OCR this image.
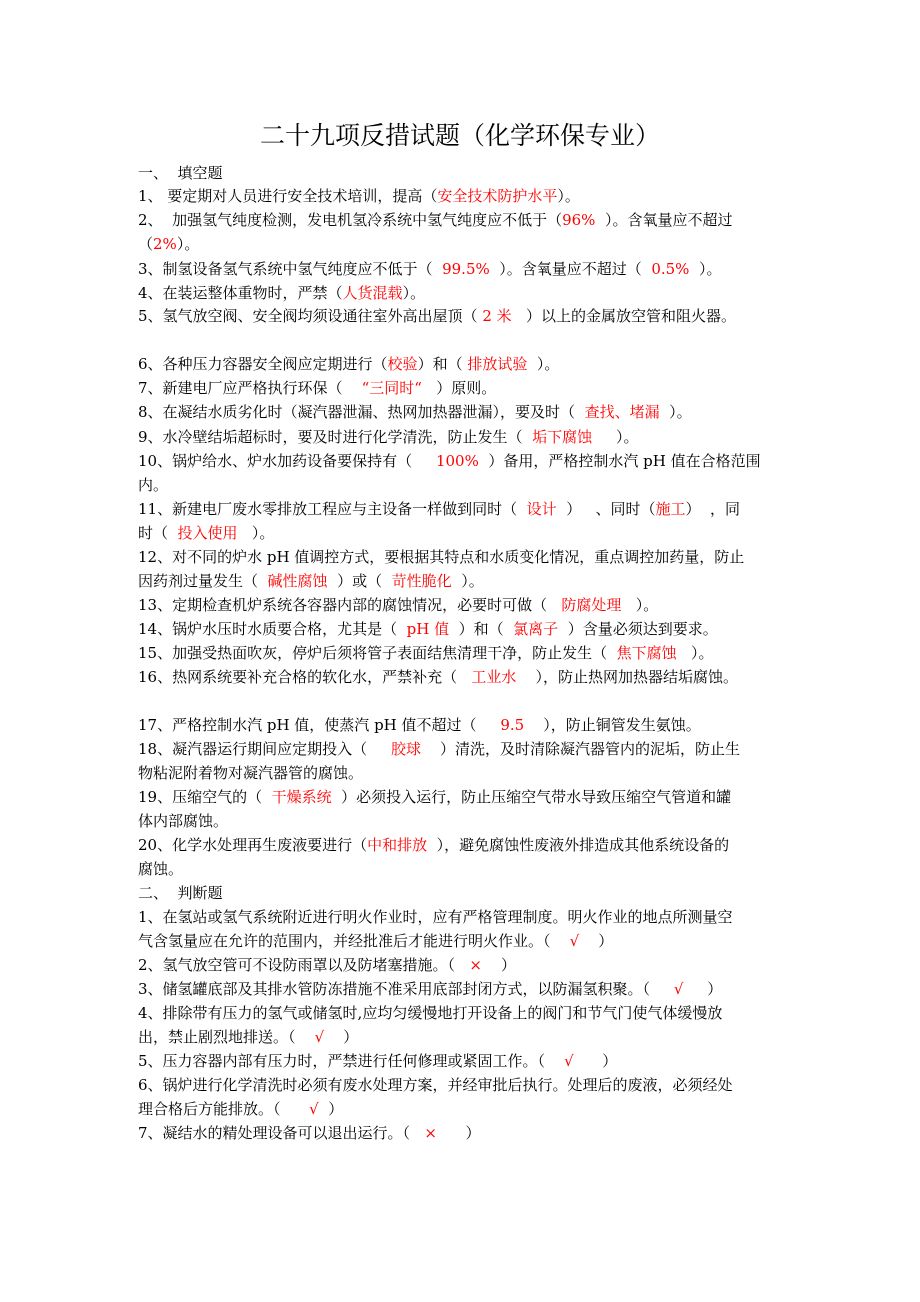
二十九项反措试题（化学环保专业）
一、  填空题
1、 要定期对人员进行安全技术培训，提高（安全技术防护水平）。
2、  加强氢气纯度检测，发电机氢冷系统中氢气纯度应不低于（96%  ）。含氧量应不超过
（2%）。
3、制氢设备氢气系统中氢气纯度应不低于（  99.5%  ）。含氧量应不超过（  0.5%  ）。
4、在装运整体重物时，严禁（人货混载）。
5、氢气放空阀、安全阀均须设通往室外高出屋顶（ 2 米   ）以上的金属放空管和阻火器。
6、各种压力容器安全阀应定期进行（校验）和（ 排放试验  ）。
7、新建电厂应严格执行环保（    “三同时“   ）原则。
8、在凝结水质劣化时（凝汽器泄漏、热网加热器泄漏），要及时（  查找、堵漏  ）。
9、水冷壁结垢超标时，要及时进行化学清洗，防止发生（  垢下腐蚀     ）。
10、锅炉给水、炉水加药设备要保持有（     100%  ）备用，严格控制水汽 pH 值在合格范围
内。
11、新建电厂废水零排放工程应与主设备一样做到同时（  设计  ）   、同时（施工）  ，同
时（  投入使用   ）。
12、对不同的炉水 pH 值调控方式，要根据其特点和水质变化情况，重点调控加药量，防止
因药剂过量发生（  碱性腐蚀  ）或（  苛性脆化  ）。
13、定期检查机炉系统各容器内部的腐蚀情况，必要时可做（   防腐处理   ）。
14、锅炉水压时水质要合格，尤其是（  pH 值  ）和（  氯离子  ）含量必须达到要求。
15、加强受热面吹灰，停炉后须将管子表面结焦清理干净，防止发生（  焦下腐蚀   ）。
16、热网系统要补充合格的软化水，严禁补充（   工业水    ），防止热网加热器结垢腐蚀。
17、严格控制水汽 pH 值，使蒸汽 pH 值不超过（     9.5    ），防止铜管发生氨蚀。
18、凝汽器运行期间应定期投入（     胶球    ）清洗，及时清除凝汽器管内的泥垢，防止生
物粘泥附着物对凝汽器管的腐蚀。
19、压缩空气的（  干燥系统  ）必须投入运行，防止压缩空气带水导致压缩空气管道和罐
体内部腐蚀。
20、化学水处理再生废液要进行（中和排放  ），避免腐蚀性废液外排造成其他系统设备的
腐蚀。
二、  判断题
1、在氢站或氢气系统附近进行明火作业时，应有严格管理制度。明火作业的地点所测量空
气含氢量应在允许的范围内，并经批准后才能进行明火作业。（    √    ）
2、氢气放空管可不设防雨罩以及防堵塞措施。（   ×    ）
3、储氢罐底部及其排水管防冻措施不准采用底部封闭方式，以防漏氢积聚。（     √     ）
4、排除带有压力的氢气或储氢时,应均匀缓慢地打开设备上的阀门和节气门使气体缓慢放
出，禁止剧烈地排送。（    √    ）
5、压力容器内部有压力时，严禁进行任何修理或紧固工作。（    √      ）
6、锅炉进行化学清洗时必须有废水处理方案，并经审批后执行。处理后的废液，必须经处
理合格后方能排放。（      √  ）
7、凝结水的精处理设备可以退出运行。（   ×      ）
